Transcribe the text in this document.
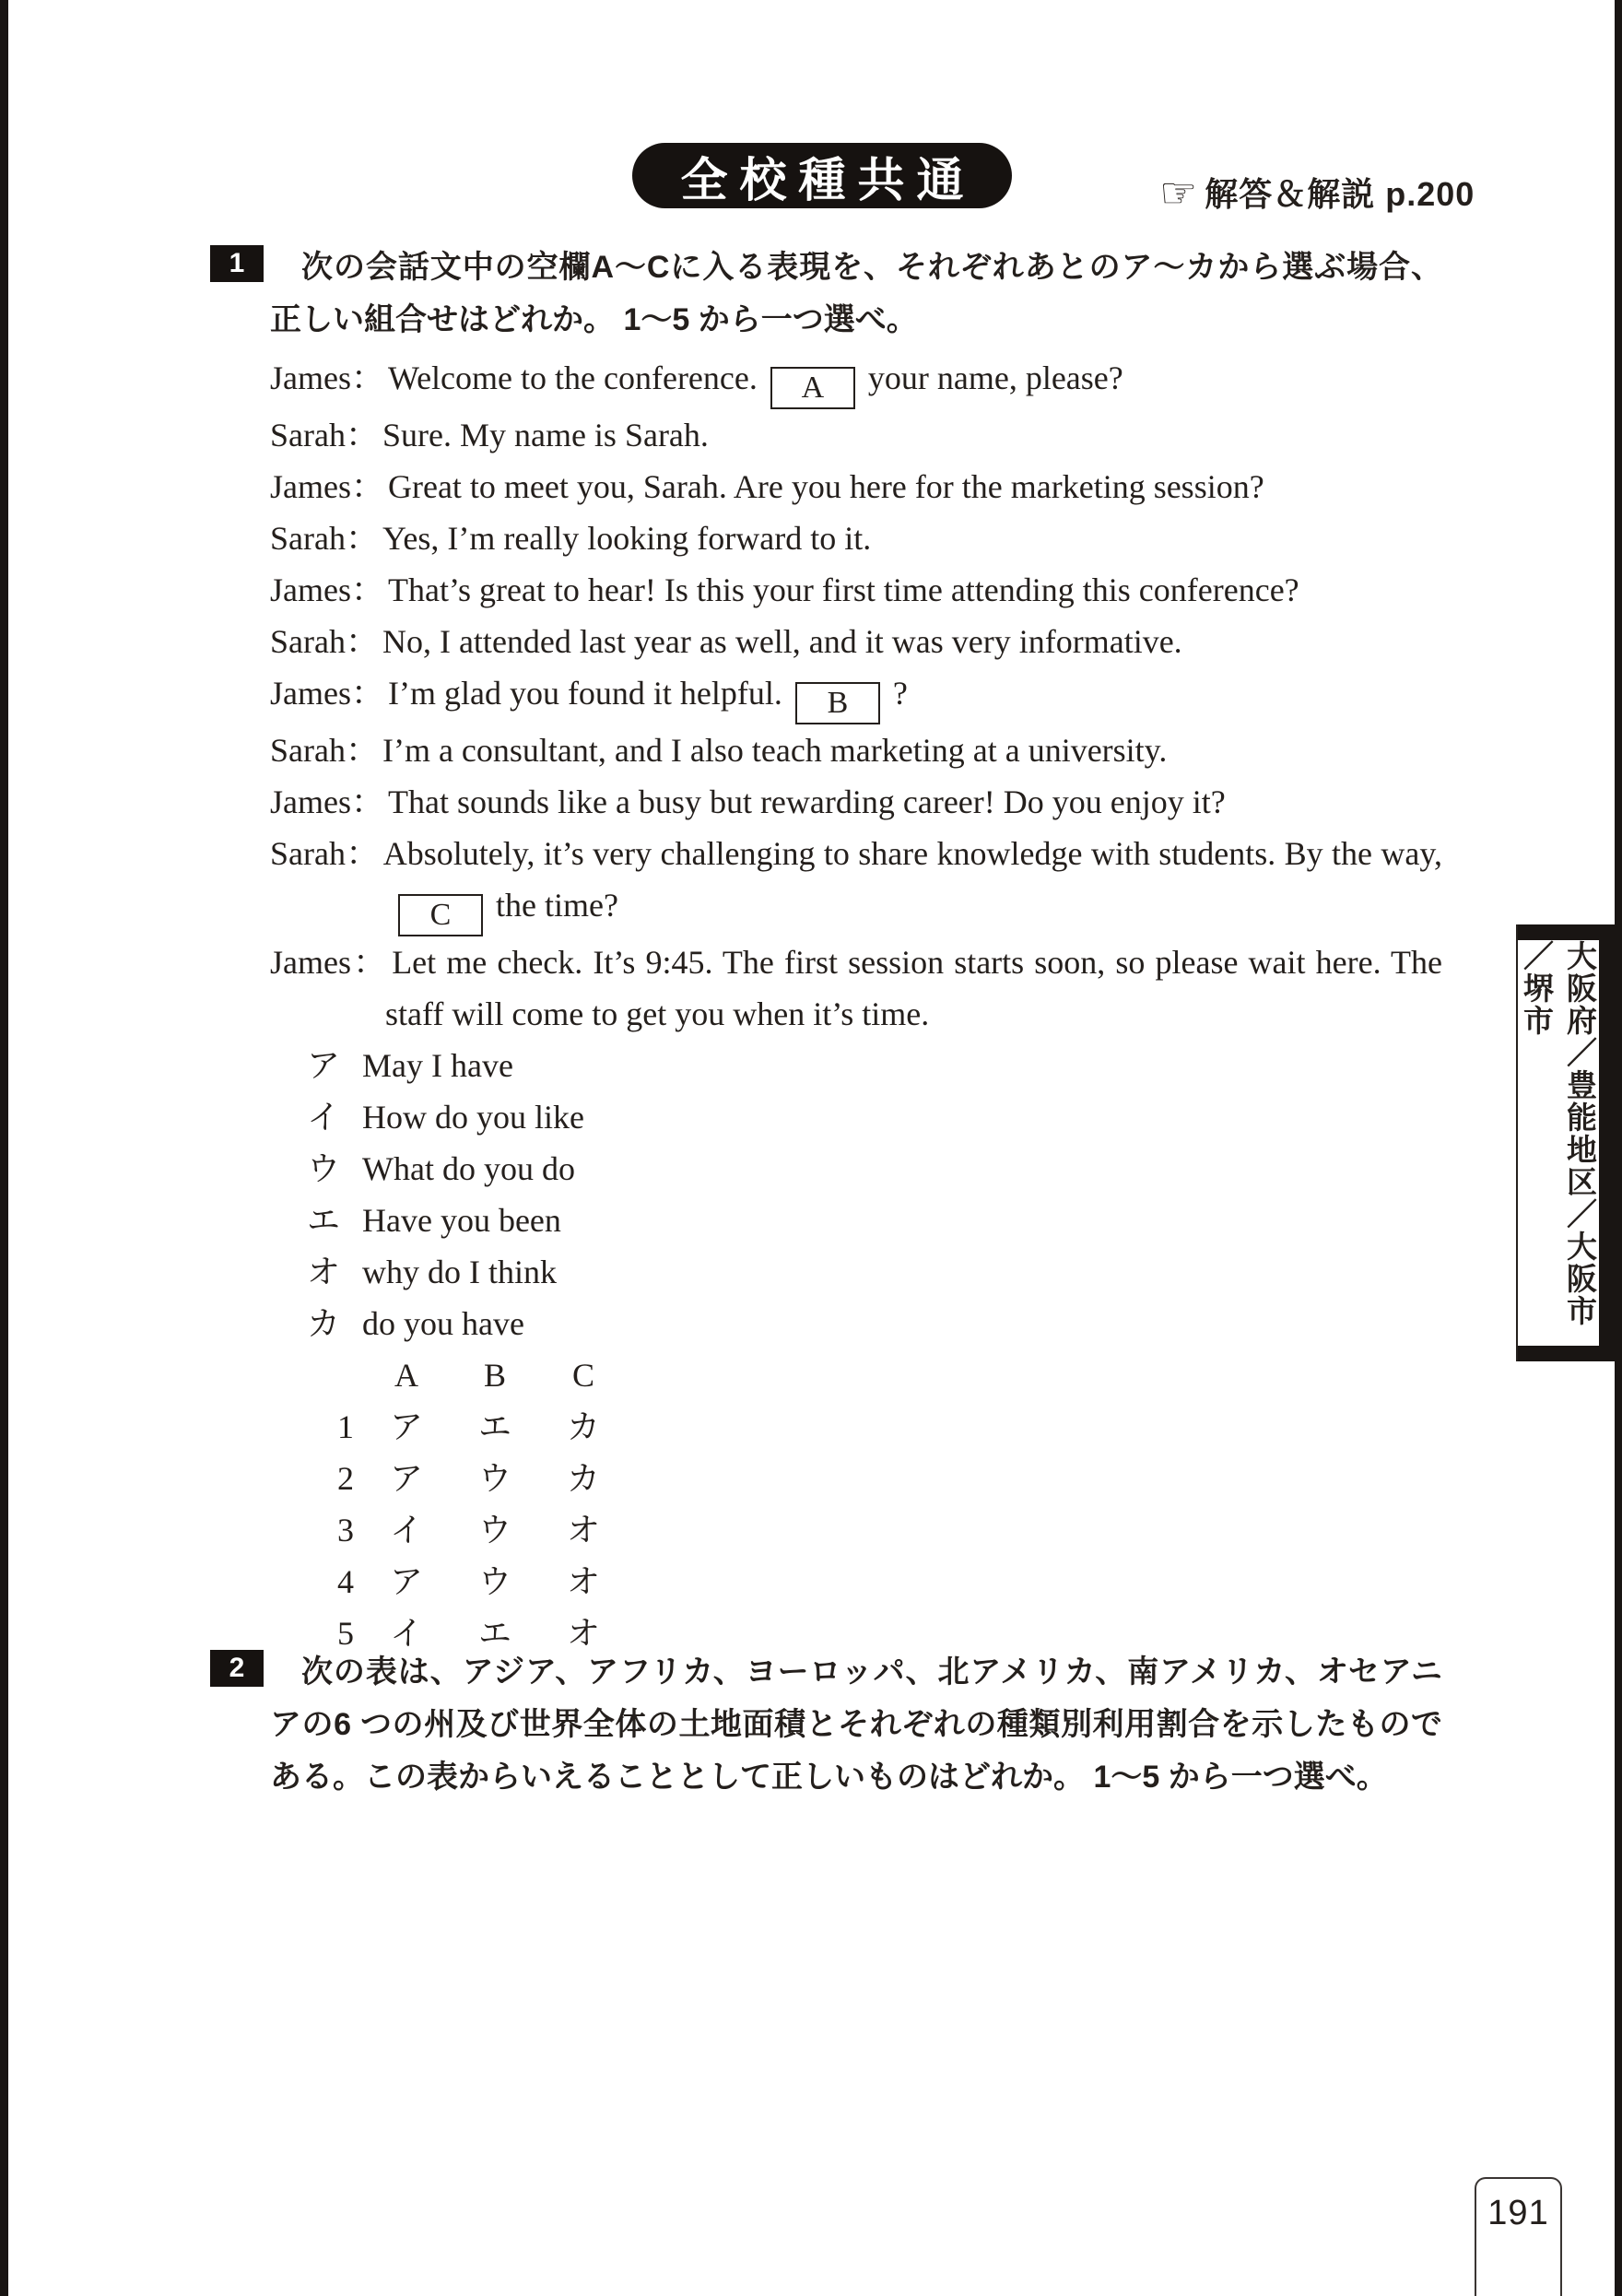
全校種共通	☞ 解答＆解説 p.200
1	次の会話文中の空欄A～Cに入る表現を、それぞれあとのア～カから選ぶ場合、正しい組合せはどれか。 1～5 から一つ選べ。
James： Welcome to the conference. A your name, please?
Sarah： Sure. My name is Sarah.
James： Great to meet you, Sarah. Are you here for the marketing session?
Sarah： Yes, I’m really looking forward to it.
James： That’s great to hear! Is this your first time attending this conference?
Sarah： No, I attended last year as well, and it was very informative.
James： I’m glad you found it helpful. B ?
Sarah： I’m a consultant, and I also teach marketing at a university.
James： That sounds like a busy but rewarding career! Do you enjoy it?
Sarah： Absolutely, it’s very challenging to share knowledge with students. By the way,C the time?
James： Let me check. It’s 9:45. The first session starts soon, so please wait here. The staff will come to get you when it’s time.
ア May I have
イ How do you like
ウ What do you do
エ Have you been
オ why do I think
カ do you have
A	B	C
1	ア	エ	カ
2	ア	ウ	カ
3	イ	ウ	オ
4	ア	ウ	オ
5	イ	エ	オ
2	次の表は、アジア、アフリカ、ヨーロッパ、北アメリカ、南アメリカ、オセアニアの6 つの州及び世界全体の土地面積とそれぞれの種類別利用割合を示したものである。この表からいえることとして正しいものはどれか。 1～5 から一つ選べ。
大阪府／豊能地区／大阪市／堺市
191
